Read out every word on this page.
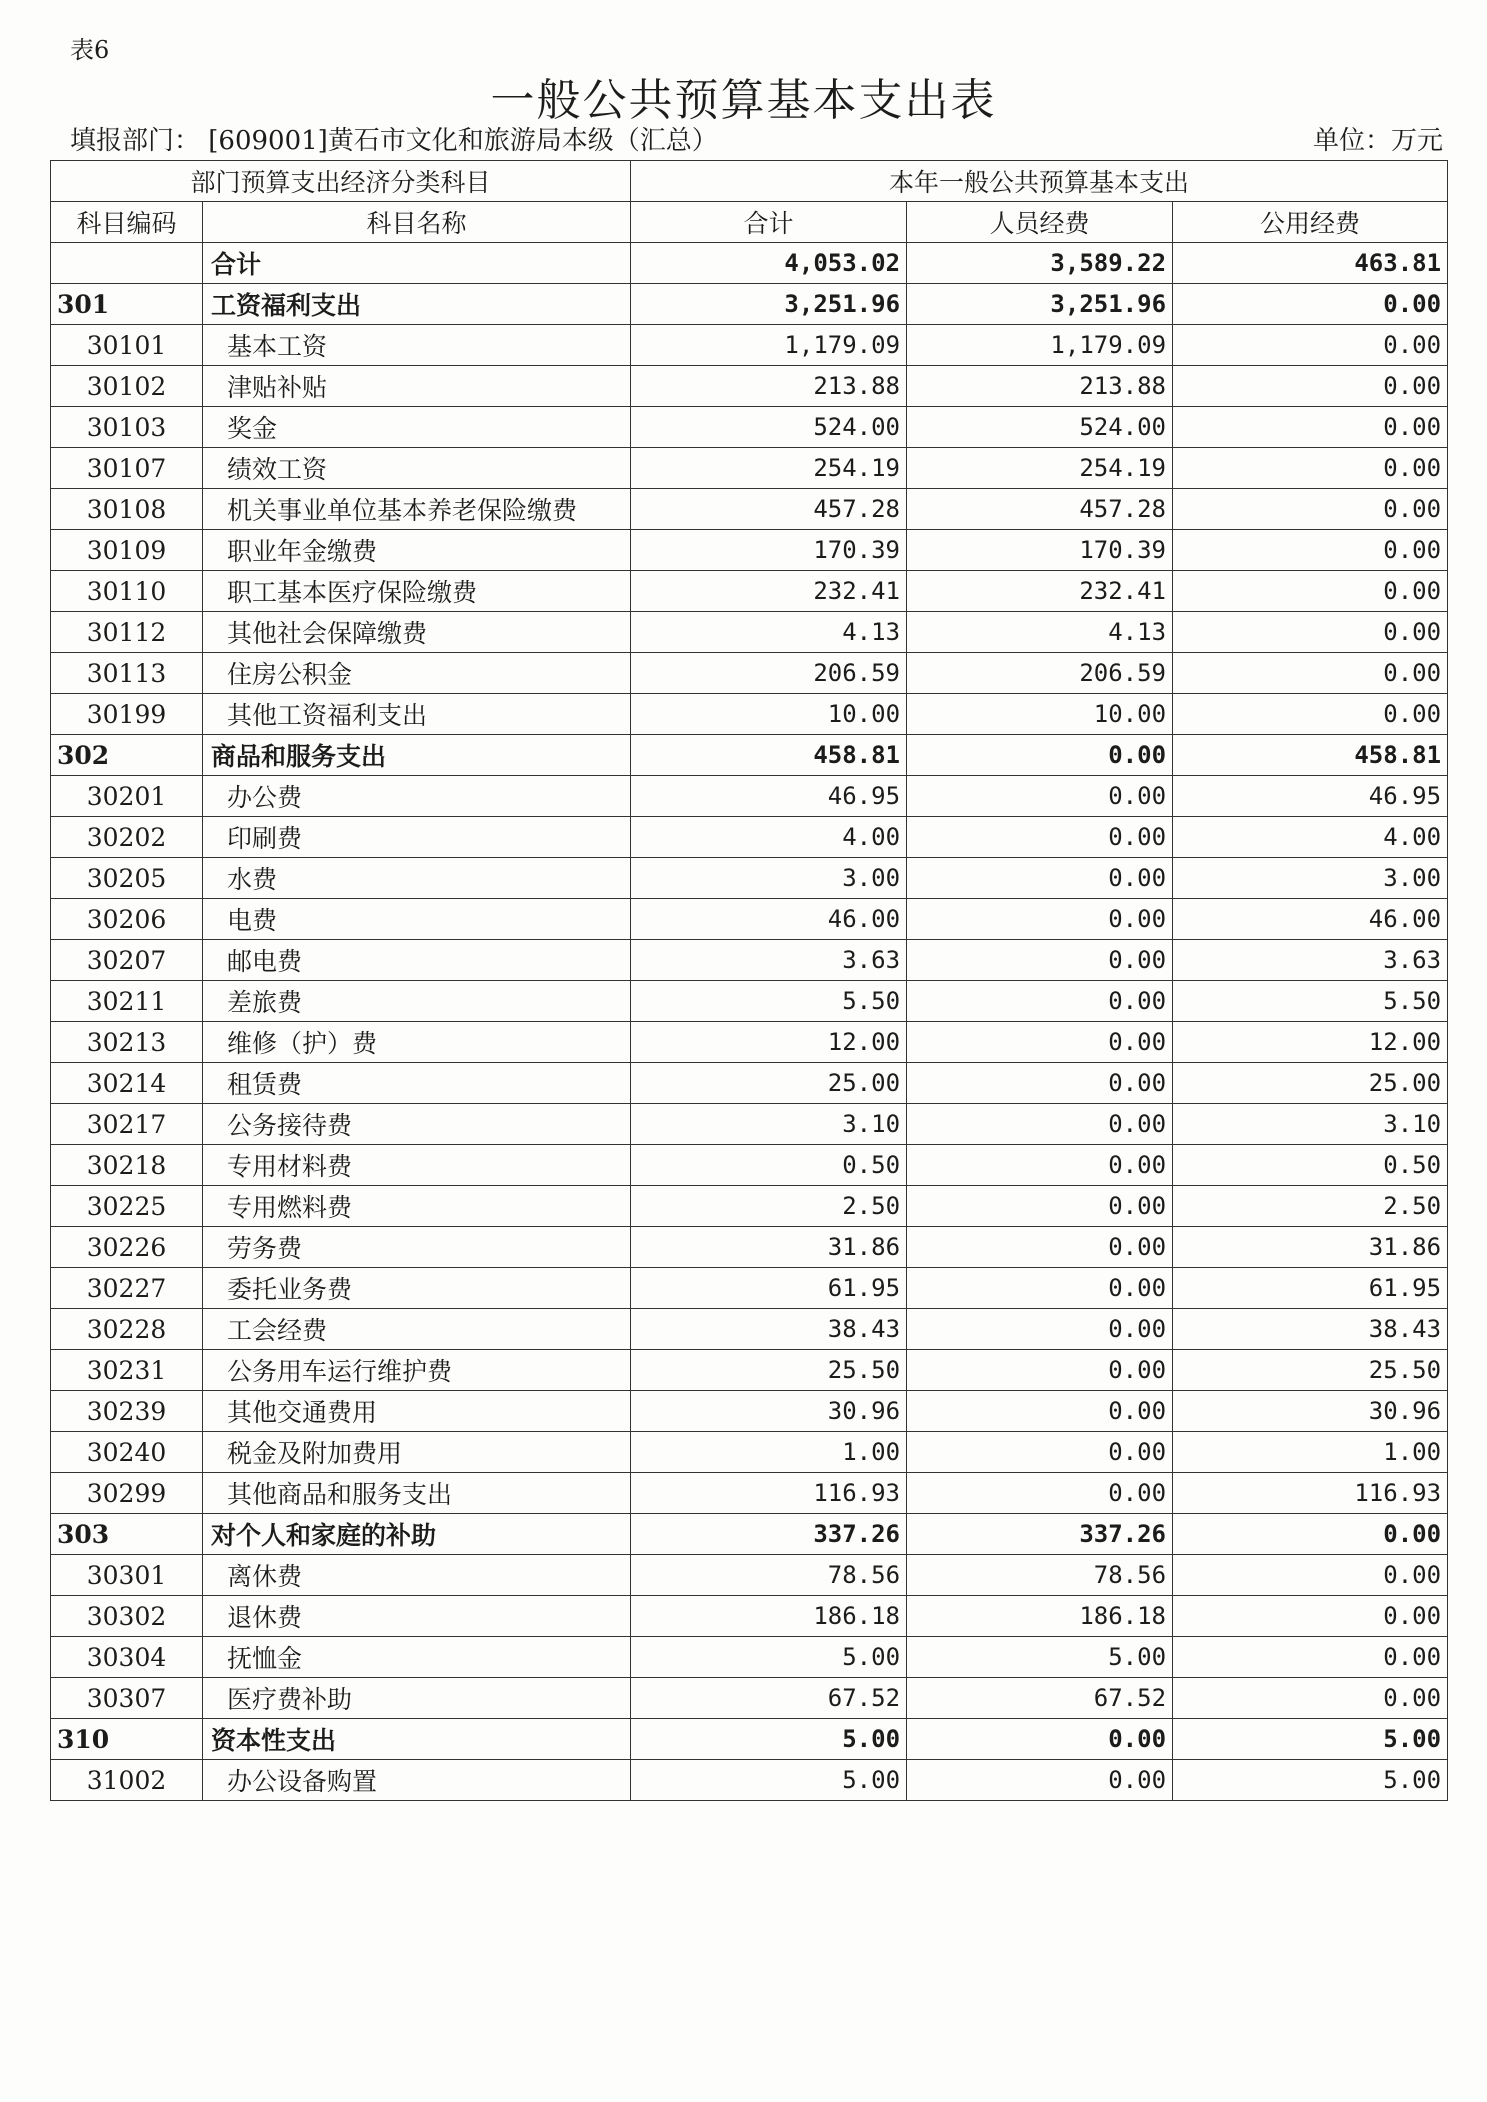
表6
一般公共预算基本支出表
填报部门： [609001]黄石市文化和旅游局本级（汇总）	单位：万元
部门预算支出经济分类科目		本年一般公共预算基本支出		
科目编码	科目名称	合计	人员经费	公用经费
	合计	4,053.02	3,589.22	463.81
301	工资福利支出	3,251.96	3,251.96	0.00
30101	基本工资	1,179.09	1,179.09	0.00
30102	津贴补贴	213.88	213.88	0.00
30103	奖金	524.00	524.00	0.00
30107	绩效工资	254.19	254.19	0.00
30108	机关事业单位基本养老保险缴费	457.28	457.28	0.00
30109	职业年金缴费	170.39	170.39	0.00
30110	职工基本医疗保险缴费	232.41	232.41	0.00
30112	其他社会保障缴费	4.13	4.13	0.00
30113	住房公积金	206.59	206.59	0.00
30199	其他工资福利支出	10.00	10.00	0.00
302	商品和服务支出	458.81	0.00	458.81
30201	办公费	46.95	0.00	46.95
30202	印刷费	4.00	0.00	4.00
30205	水费	3.00	0.00	3.00
30206	电费	46.00	0.00	46.00
30207	邮电费	3.63	0.00	3.63
30211	差旅费	5.50	0.00	5.50
30213	维修（护）费	12.00	0.00	12.00
30214	租赁费	25.00	0.00	25.00
30217	公务接待费	3.10	0.00	3.10
30218	专用材料费	0.50	0.00	0.50
30225	专用燃料费	2.50	0.00	2.50
30226	劳务费	31.86	0.00	31.86
30227	委托业务费	61.95	0.00	61.95
30228	工会经费	38.43	0.00	38.43
30231	公务用车运行维护费	25.50	0.00	25.50
30239	其他交通费用	30.96	0.00	30.96
30240	税金及附加费用	1.00	0.00	1.00
30299	其他商品和服务支出	116.93	0.00	116.93
303	对个人和家庭的补助	337.26	337.26	0.00
30301	离休费	78.56	78.56	0.00
30302	退休费	186.18	186.18	0.00
30304	抚恤金	5.00	5.00	0.00
30307	医疗费补助	67.52	67.52	0.00
310	资本性支出	5.00	0.00	5.00
31002	办公设备购置	5.00	0.00	5.00
